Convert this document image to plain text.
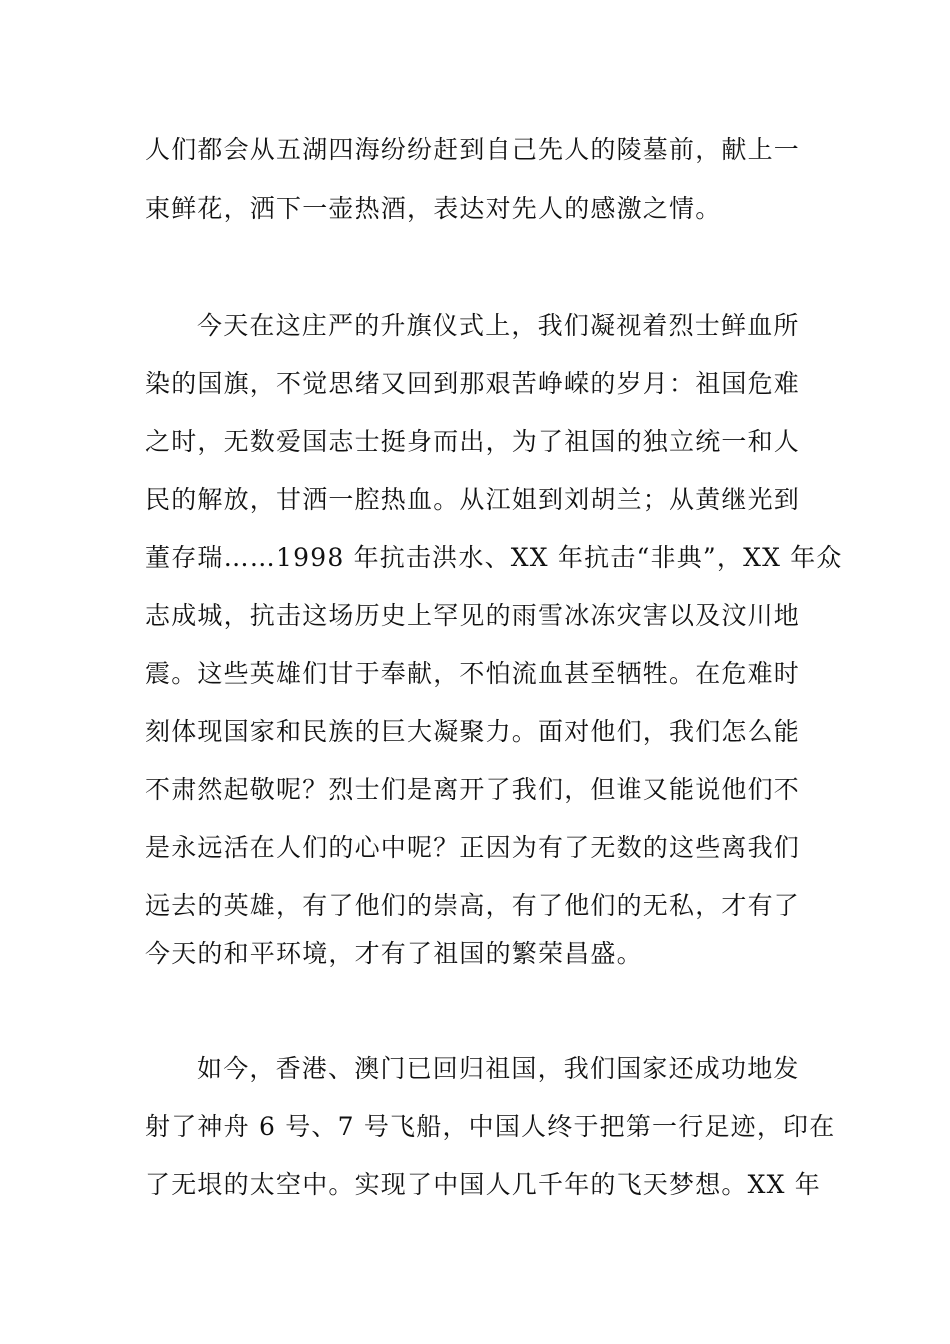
人们都会从五湖四海纷纷赶到自己先人的陵墓前，献上一
束鲜花，洒下一壶热酒，表达对先人的感激之情。
今天在这庄严的升旗仪式上，我们凝视着烈士鲜血所
染的国旗，不觉思绪又回到那艰苦峥嵘的岁月：祖国危难
之时，无数爱国志士挺身而出，为了祖国的独立统一和人
民的解放，甘洒一腔热血。从江姐到刘胡兰；从黄继光到
董存瑞……1998 年抗击洪水、XX 年抗击“非典”，XX 年众
志成城，抗击这场历史上罕见的雨雪冰冻灾害以及汶川地
震。这些英雄们甘于奉献，不怕流血甚至牺牲。在危难时
刻体现国家和民族的巨大凝聚力。面对他们，我们怎么能
不肃然起敬呢？烈士们是离开了我们，但谁又能说他们不
是永远活在人们的心中呢？正因为有了无数的这些离我们
远去的英雄，有了他们的崇高，有了他们的无私，才有了
今天的和平环境，才有了祖国的繁荣昌盛。
如今，香港、澳门已回归祖国，我们国家还成功地发
射了神舟 6 号、7 号飞船，中国人终于把第一行足迹，印在
了无垠的太空中。实现了中国人几千年的飞天梦想。XX 年
